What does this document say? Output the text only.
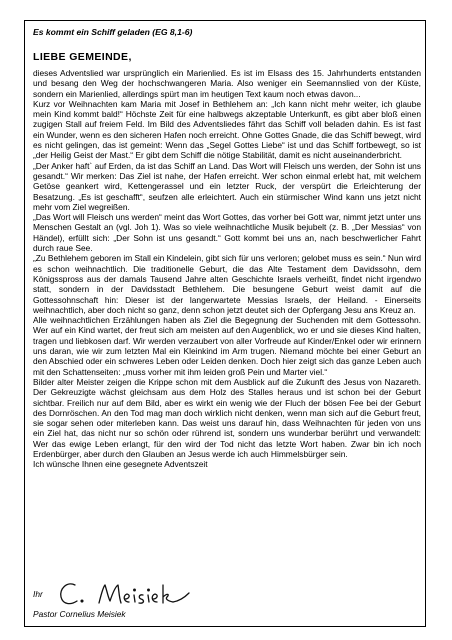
Es kommt ein Schiff geladen (EG 8,1-6)
LIEBE GEMEINDE,

dieses Adventslied war ursprünglich ein Marienlied. Es ist im Elsass des 15. Jahrhunderts entstanden und besang den Weg der hochschwangeren Maria. Also weniger ein Seemannslied von der Küste, sondern ein Marienlied, allerdings spürt man im heutigen Text kaum noch etwas davon...

Kurz vor Weihnachten kam Maria mit Josef in Bethlehem an: „Ich kann nicht mehr weiter, ich glaube mein Kind kommt bald!“ Höchste Zeit für eine halbwegs akzeptable Unterkunft, es gibt aber bloß einen zugigen Stall auf freiem Feld. Im Bild des Adventsliedes fährt das Schiff voll beladen dahin. Es ist fast ein Wunder, wenn es den sicheren Hafen noch erreicht. Ohne Gottes Gnade, die das Schiff bewegt, wird es nicht gelingen, das ist gemeint: Wenn das „Segel Gottes Liebe“ ist und das Schiff fortbewegt, so ist „der Heilig Geist der Mast.“ Er gibt dem Schiff die nötige Stabilität, damit es nicht auseinanderbricht.

„Der Anker haft` auf Erden, da ist das Schiff an Land. Das Wort will Fleisch uns werden, der Sohn ist uns gesandt.“ Wir merken: Das Ziel ist nahe, der Hafen erreicht. Wer schon einmal erlebt hat, mit welchem Getöse geankert wird, Kettengerassel und ein letzter Ruck, der verspürt die Erleichterung der Besatzung. „Es ist geschafft“, seufzen alle erleichtert. Auch ein stürmischer Wind kann uns jetzt nicht mehr vom Ziel wegreißen.

„Das Wort will Fleisch uns werden“ meint das Wort Gottes, das vorher bei Gott war, nimmt jetzt unter uns Menschen Gestalt an (vgl. Joh 1). Was so viele weihnachtliche Musik bejubelt (z. B. „Der Messias“ von Händel), erfüllt sich: „Der Sohn ist uns gesandt.“ Gott kommt bei uns an, nach beschwerlicher Fahrt durch raue See.

„Zu Bethlehem geboren im Stall ein Kindelein, gibt sich für uns verloren; gelobet muss es sein.“ Nun wird es schon weihnachtlich. Die traditionelle Geburt, die das Alte Testament dem Davidssohn, dem Königsspross aus der damals Tausend Jahre alten Geschichte Israels verheißt, findet nicht irgendwo statt, sondern in der Davidsstadt Bethlehem. Die besungene Geburt weist damit auf die Gottessohnschaft hin: Dieser ist der langerwartete Messias Israels, der Heiland. - Einerseits weihnachtlich, aber doch nicht so ganz, denn schon jetzt deutet sich der Opfergang Jesu ans Kreuz an.

Alle weihnachtlichen Erzählungen haben als Ziel die Begegnung der Suchenden mit dem Gottessohn. Wer auf ein Kind wartet, der freut sich am meisten auf den Augenblick, wo er und sie dieses Kind halten, tragen und liebkosen darf. Wir werden verzaubert von aller Vorfreude auf Kinder/Enkel oder wir erinnern uns daran, wie wir zum letzten Mal ein Kleinkind im Arm trugen. Niemand möchte bei einer Geburt an den Abschied oder ein schweres Leben oder Leiden denken. Doch hier zeigt sich das ganze Leben auch mit den Schattenseiten: „muss vorher mit ihm leiden groß Pein und Marter viel.“

Bilder alter Meister zeigen die Krippe schon mit dem Ausblick auf die Zukunft des Jesus von Nazareth. Der Gekreuzigte wächst gleichsam aus dem Holz des Stalles heraus und ist schon bei der Geburt sichtbar. Freilich nur auf dem Bild, aber es wirkt ein wenig wie der Fluch der bösen Fee bei der Geburt des Dornröschen. An den Tod mag man doch wirklich nicht denken, wenn man sich auf die Geburt freut, sie sogar sehen oder miterleben kann. Das weist uns darauf hin, dass Weihnachten für jeden von uns ein Ziel hat, das nicht nur so schön oder rührend ist, sondern uns wunderbar berührt und verwandelt: Wer das ewige Leben erlangt, für den wird der Tod nicht das letzte Wort haben. Zwar bin ich noch Erdenbürger, aber durch den Glauben an Jesus werde ich auch Himmelsbürger sein.

Ich wünsche Ihnen eine gesegnete Adventszeit

Ihr
Pastor Cornelius Meisiek
